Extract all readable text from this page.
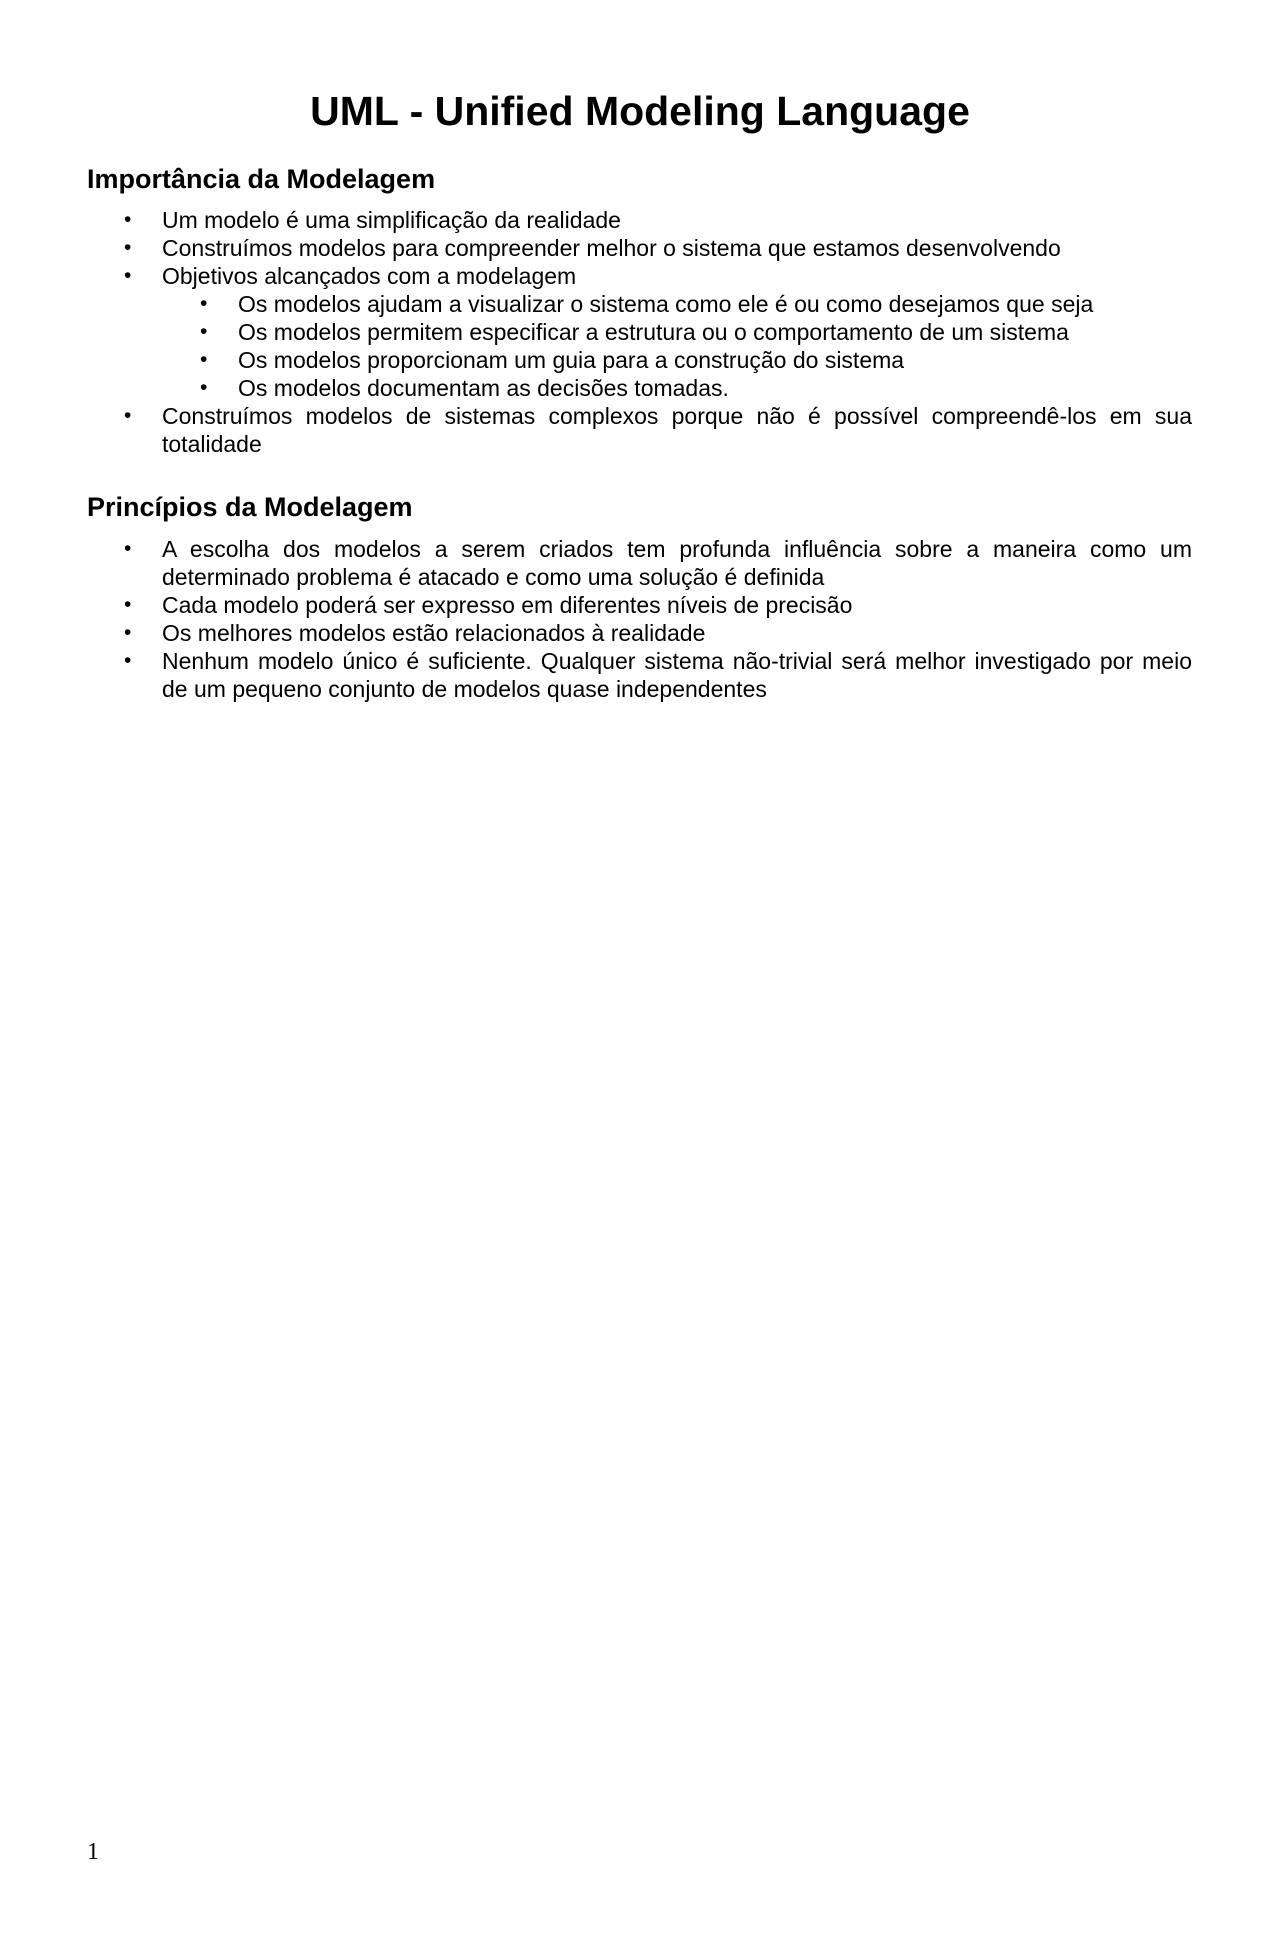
UML - Unified Modeling Language
Importância da Modelagem
• Um modelo é uma simplificação da realidade
• Construímos modelos para compreender melhor o sistema que estamos desenvolvendo
• Objetivos alcançados com a modelagem
• Os modelos ajudam a visualizar o sistema como ele é ou como desejamos que seja
• Os modelos permitem especificar a estrutura ou o comportamento de um sistema
• Os modelos proporcionam um guia para a construção do sistema
• Os modelos documentam as decisões tomadas.
• Construímos modelos de sistemas complexos porque não é possível compreendê-los em sua totalidade
Princípios da Modelagem
• A escolha dos modelos a serem criados tem profunda influência sobre a maneira como um determinado problema é atacado e como uma solução é definida
• Cada modelo poderá ser expresso em diferentes níveis de precisão
• Os melhores modelos estão relacionados à realidade
• Nenhum modelo único é suficiente. Qualquer sistema não-trivial será melhor investigado por meio de um pequeno conjunto de modelos quase independentes
1
